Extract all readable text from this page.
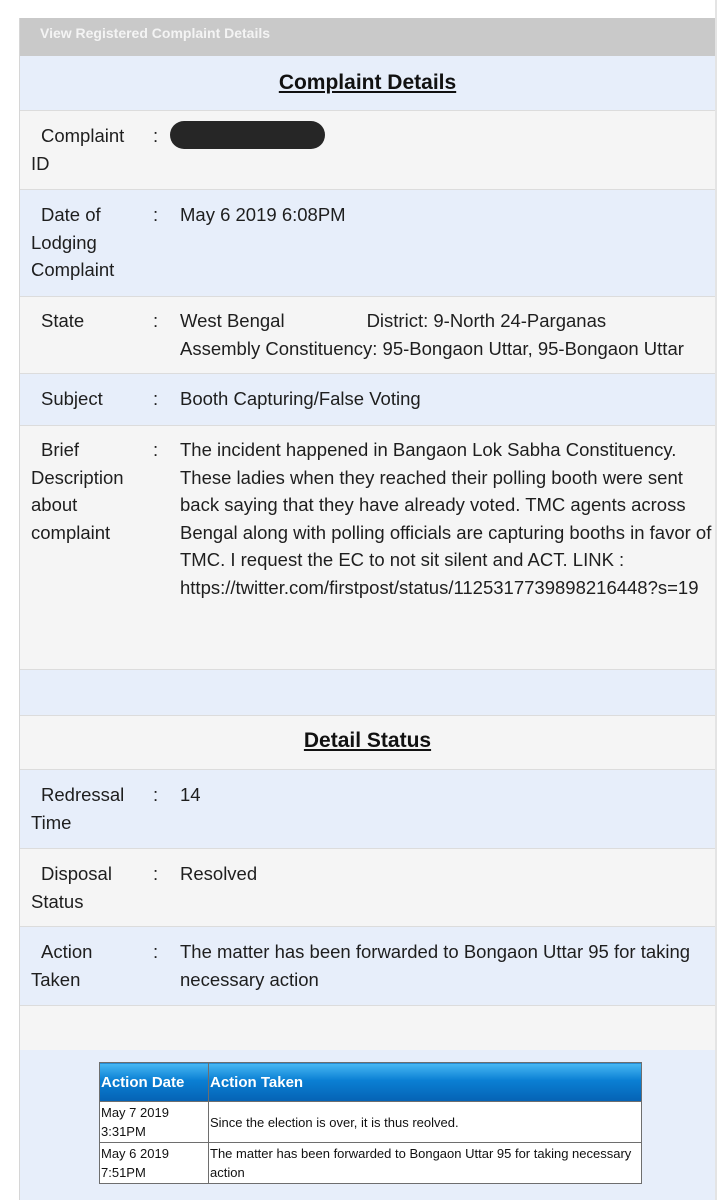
View Registered Complaint Details
Complaint Details
Complaint ID
:
Date of Lodging Complaint
: May 6 2019 6:08PM
State	: West Bengal	District: 9-North 24-Parganas
Assembly Constituency: 95-Bongaon Uttar, 95-Bongaon Uttar
Subject	: Booth Capturing/False Voting
Brief Description about complaint
: The incident happened in Bangaon Lok Sabha Constituency. These ladies when they reached their polling booth were sent back saying that they have already voted. TMC agents across Bengal along with polling officials are capturing booths in favor of TMC. I request the EC to not sit silent and ACT. LINK : https://twitter.com/firstpost/status/1125317739898216448?s=19
Detail Status
Redressal Time
: 14
Disposal Status
: Resolved
Action Taken
: The matter has been forwarded to Bongaon Uttar 95 for taking necessary action
Action Date	Action Taken
May 7 2019 3:31PM	Since the election is over, it is thus reolved.
May 6 2019 7:51PM	The matter has been forwarded to Bongaon Uttar 95 for taking necessary action
